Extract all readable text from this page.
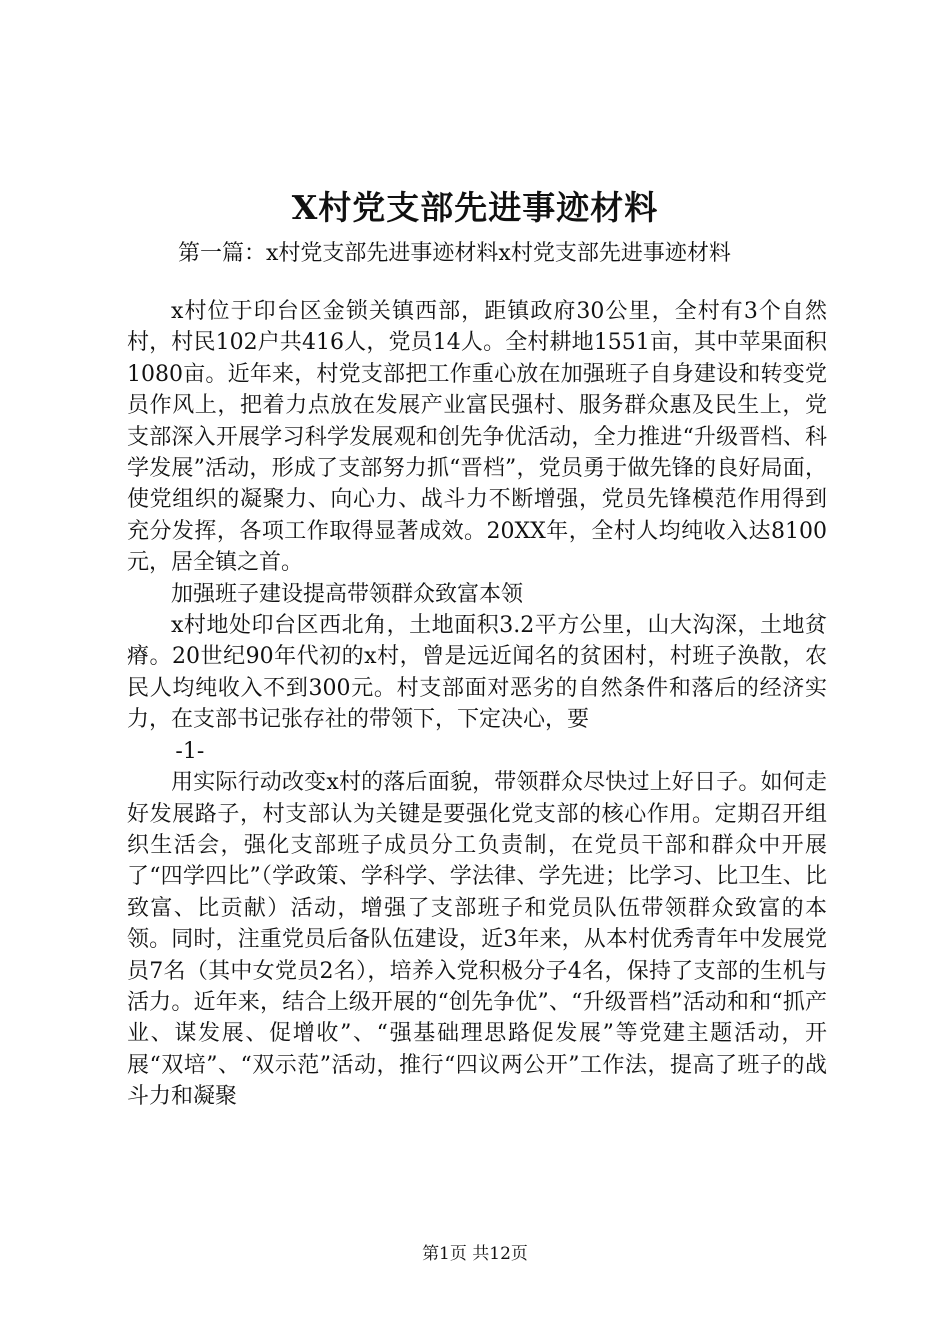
X村党支部先进事迹材料
第一篇：x村党支部先进事迹材料x村党支部先进事迹材料

x村位于印台区金锁关镇西部，距镇政府30公里，全村有3个自然村，村民102户共416人，党员14人。全村耕地1551亩，其中苹果面积1080亩。近年来，村党支部把工作重心放在加强班子自身建设和转变党员作风上，把着力点放在发展产业富民强村、服务群众惠及民生上，党支部深入开展学习科学发展观和创先争优活动，全力推进“升级晋档、科学发展”活动，形成了支部努力抓“晋档”，党员勇于做先锋的良好局面，使党组织的凝聚力、向心力、战斗力不断增强，党员先锋模范作用得到充分发挥，各项工作取得显著成效。20XX年，全村人均纯收入达8100元，居全镇之首。

加强班子建设提高带领群众致富本领

x村地处印台区西北角，土地面积3.2平方公里，山大沟深，土地贫瘠。20世纪90年代初的x村，曾是远近闻名的贫困村，村班子涣散，农民人均纯收入不到300元。村支部面对恶劣的自然条件和落后的经济实力，在支部书记张存社的带领下，下定决心，要

-1-

用实际行动改变x村的落后面貌，带领群众尽快过上好日子。如何走好发展路子，村支部认为关键是要强化党支部的核心作用。定期召开组织生活会，强化支部班子成员分工负责制，在党员干部和群众中开展了“四学四比”（学政策、学科学、学法律、学先进；比学习、比卫生、比致富、比贡献）活动，增强了支部班子和党员队伍带领群众致富的本领。同时，注重党员后备队伍建设，近3年来，从本村优秀青年中发展党员7名（其中女党员2名），培养入党积极分子4名，保持了支部的生机与活力。近年来，结合上级开展的“创先争优”、“升级晋档”活动和和“抓产业、谋发展、促增收”、“强基础理思路促发展”等党建主题活动，开展“双培”、“双示范”活动，推行“四议两公开”工作法，提高了班子的战斗力和凝聚

第1页 共12页
